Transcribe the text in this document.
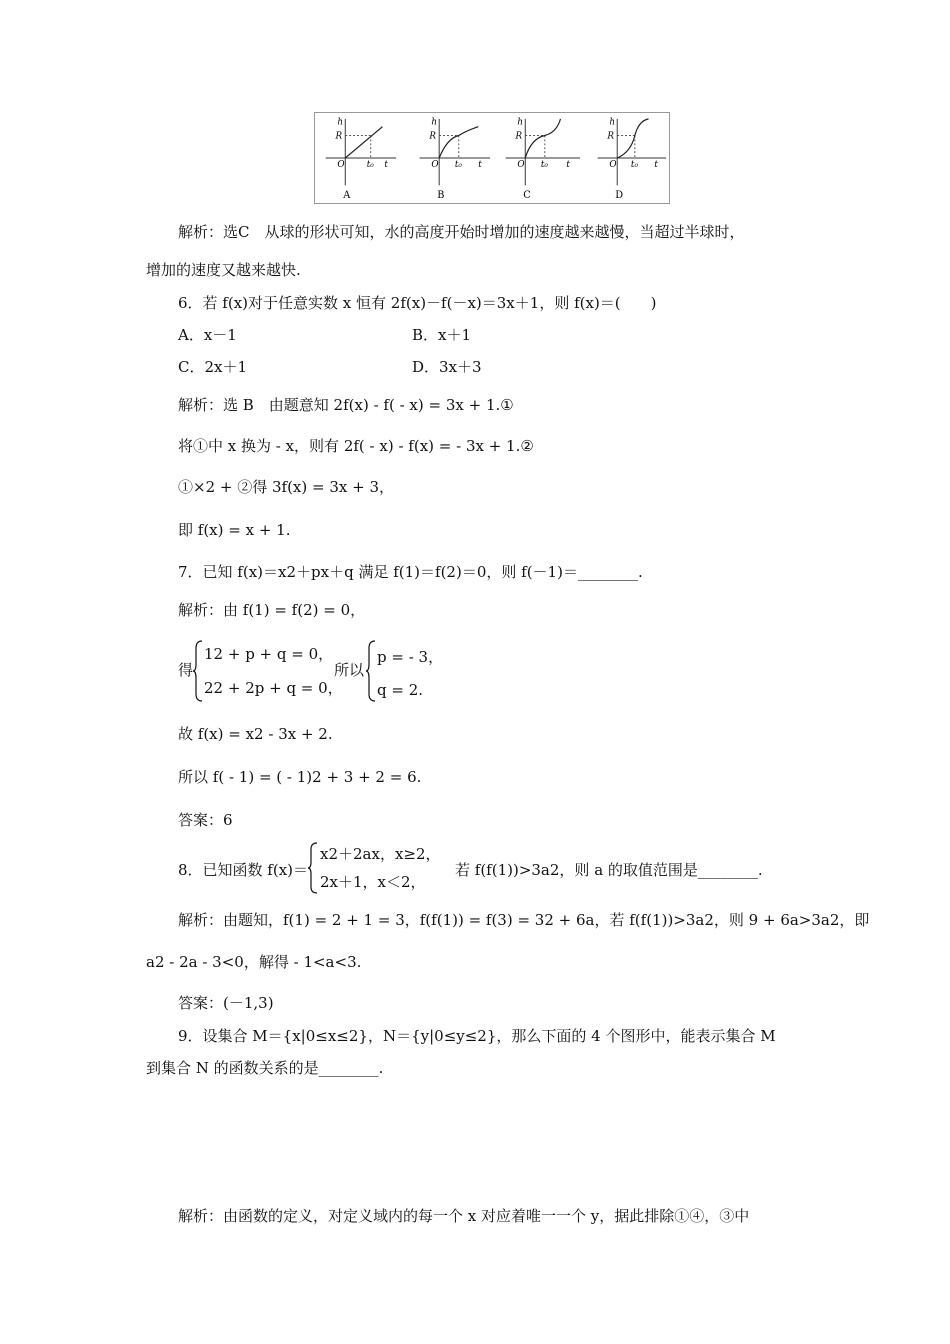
h
R
O t₀ t
A
h
R
O t₀ t
B
h
R
O t₀ t
C
h
R
O t₀ t
D
解析：选C　从球的形状可知，水的高度开始时增加的速度越来越慢，当超过半球时，
增加的速度又越来越快.
6．若 f(x)对于任意实数 x 恒有 2f(x)－f(－x)＝3x＋1，则 f(x)＝(　　)
A．x－1	B．x＋1
C．2x＋1	D．3x＋3
解析：选 B　由题意知 2f(x) - f( - x) = 3x + 1.①
将①中 x 换为 - x，则有 2f( - x) - f(x) = - 3x + 1.②
①×2 + ②得 3f(x) = 3x + 3，
即 f(x) = x + 1.
7．已知 f(x)＝x2＋px＋q 满足 f(1)＝f(2)＝0，则 f(－1)＝________.
解析：由 f(1) = f(2) = 0，
得
12 + p + q = 0，
22 + 2p + q = 0，
所以
p = - 3，
q = 2.
故 f(x) = x2 - 3x + 2.
所以 f( - 1) = ( - 1)2 + 3 + 2 = 6.
答案：6
8．已知函数 f(x)＝
x2＋2ax，x≥2，
2x＋1，x＜2，
若 f(f(1))>3a2，则 a 的取值范围是________.
解析：由题知，f(1) = 2 + 1 = 3，f(f(1)) = f(3) = 32 + 6a，若 f(f(1))>3a2，则 9 + 6a>3a2，即
a2 - 2a - 3<0，解得 - 1<a<3.
答案：(－1,3)
9．设集合 M＝{x|0≤x≤2}，N＝{y|0≤y≤2}，那么下面的 4 个图形中，能表示集合 M
到集合 N 的函数关系的是________.
解析：由函数的定义，对定义域内的每一个 x 对应着唯一一个 y，据此排除①④，③中
